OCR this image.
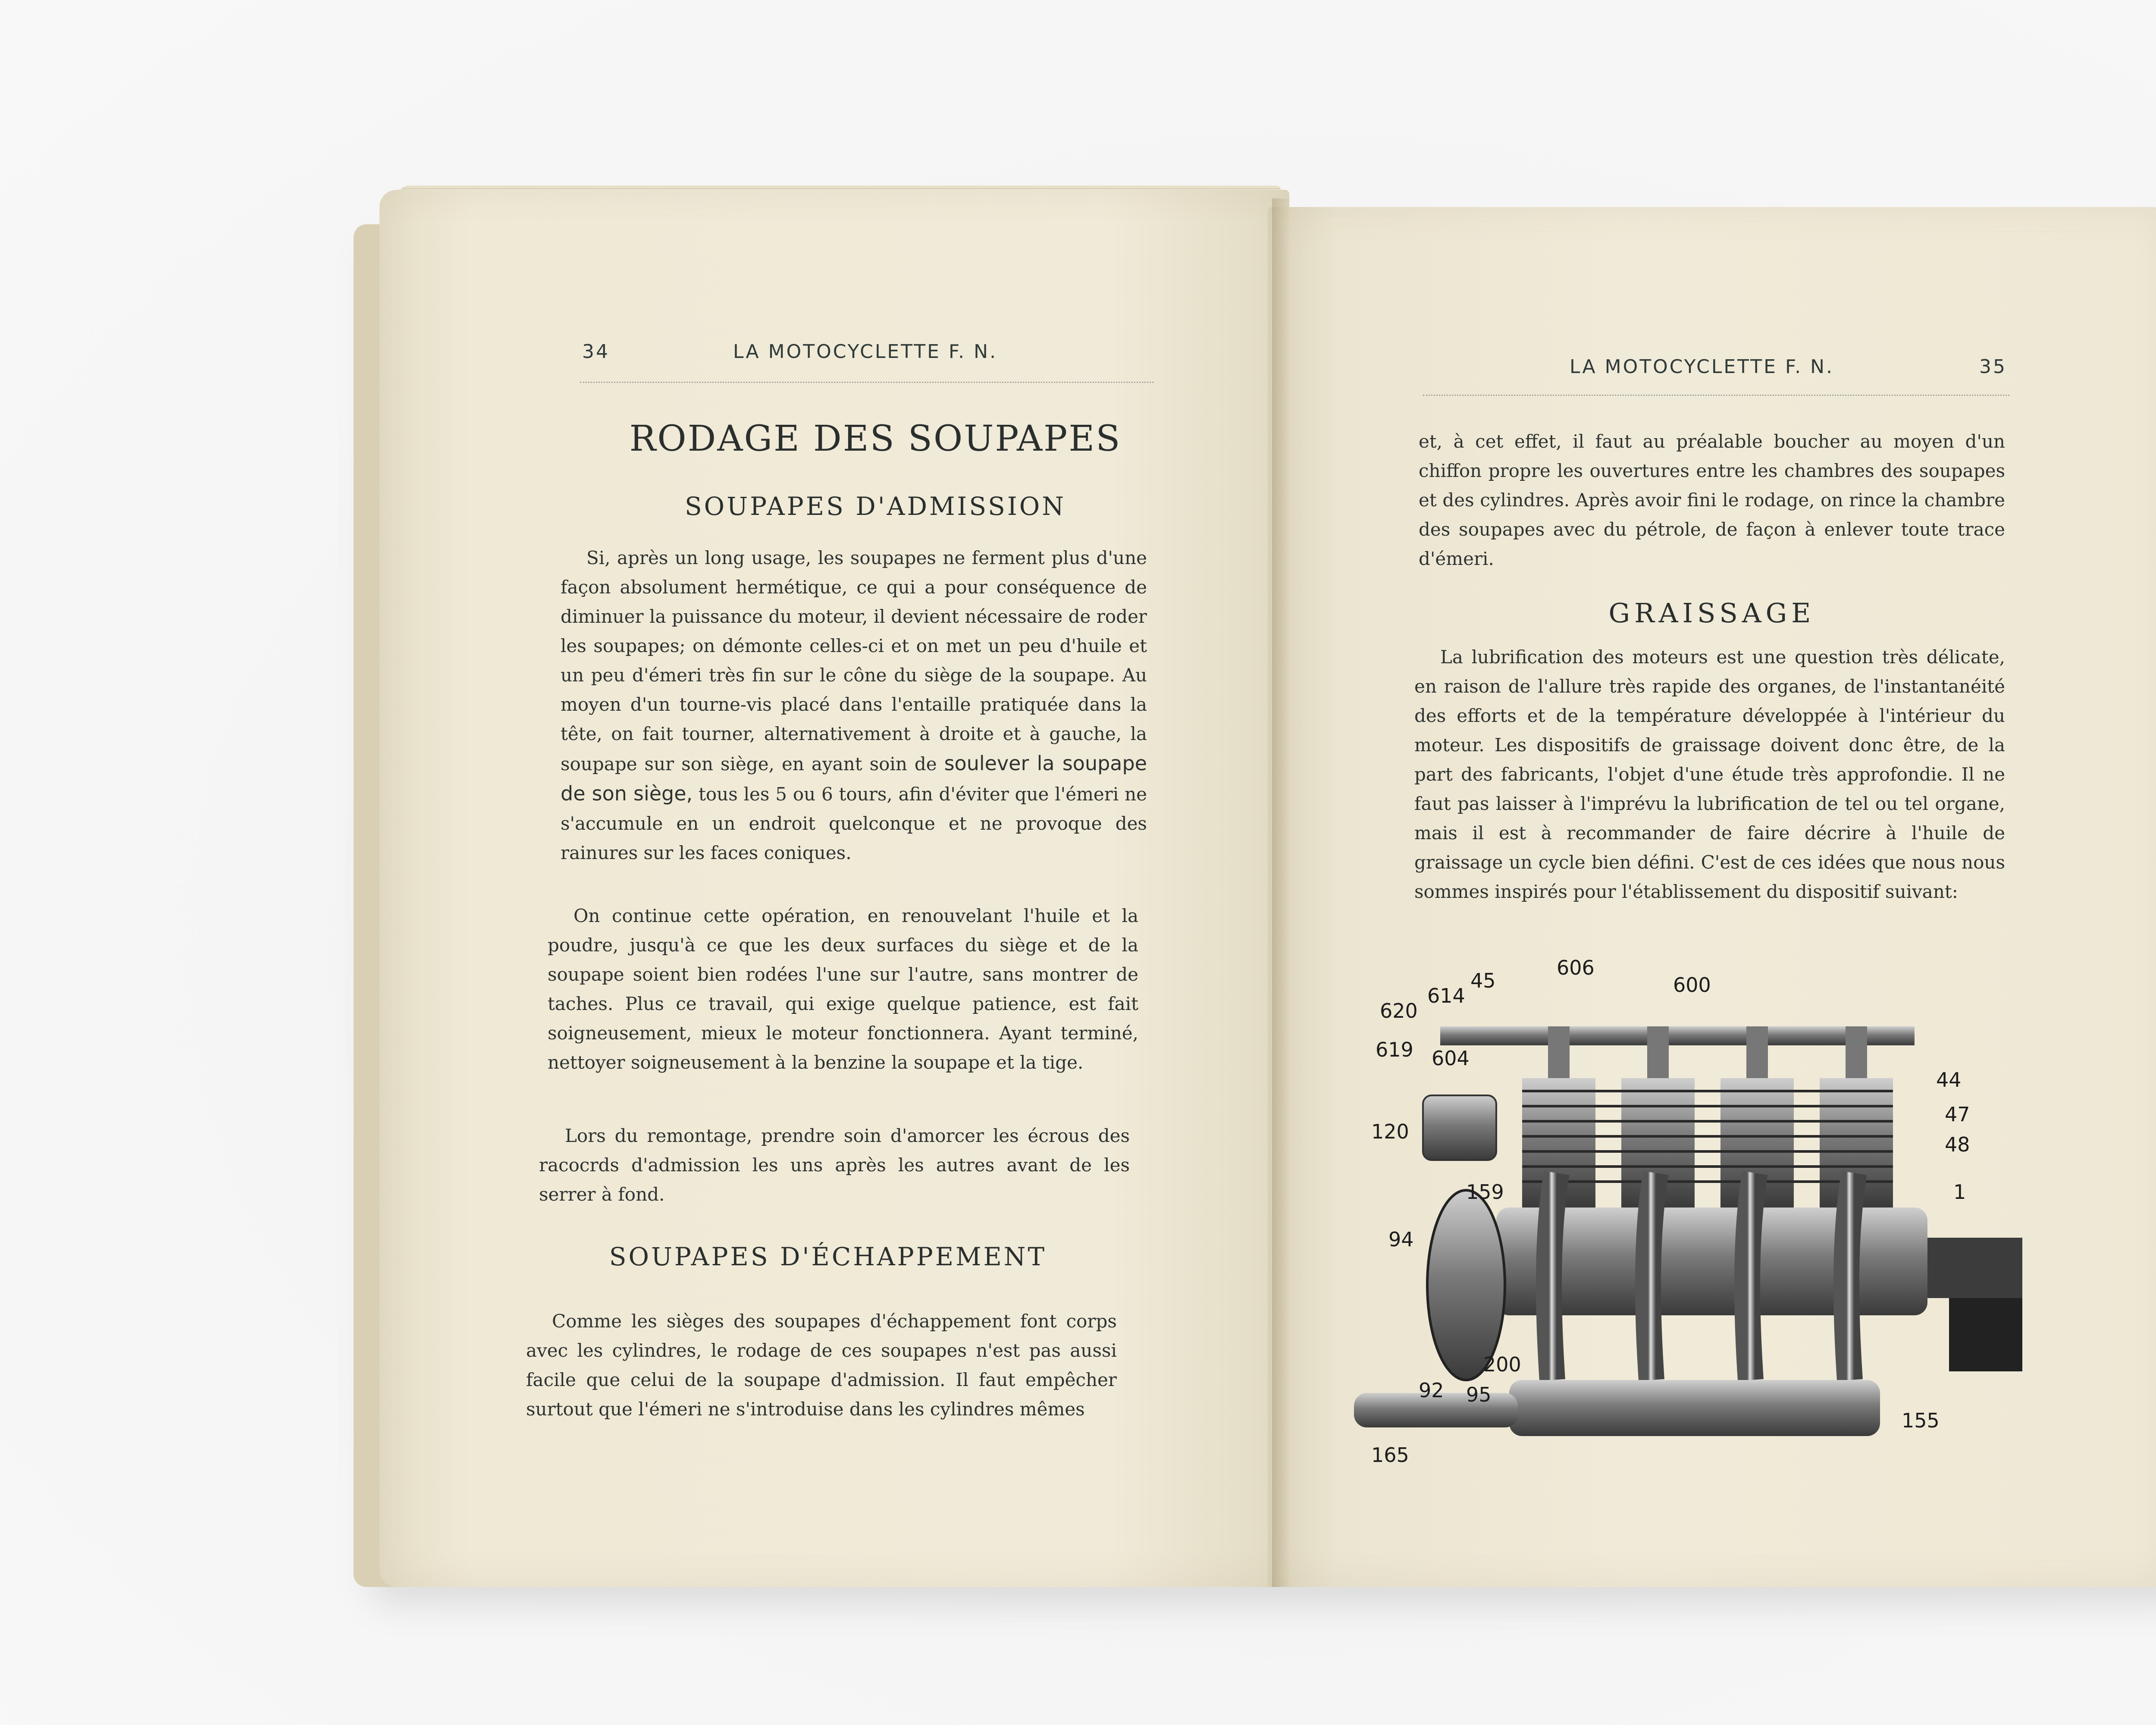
34	LA MOTOCYCLETTE F. N.
RODAGE DES SOUPAPES
SOUPAPES D'ADMISSION
Si, après un long usage, les soupapes ne ferment plus d'une façon absolument hermétique, ce qui a pour conséquence de diminuer la puissance du moteur, il devient nécessaire de roder les soupapes; on démonte celles-ci et on met un peu d'huile et un peu d'émeri très fin sur le cône du siège de la soupape. Au moyen d'un tourne-vis placé dans l'entaille pratiquée dans la tête, on fait tourner, alternativement à droite et à gauche, la soupape sur son siège, en ayant soin de soulever la soupape de son siège, tous les 5 ou 6 tours, afin d'éviter que l'émeri ne s'accumule en un endroit quelconque et ne provoque des rainures sur les faces coniques.
On continue cette opération, en renouvelant l'huile et la poudre, jusqu'à ce que les deux surfaces du siège et de la soupape soient bien rodées l'une sur l'autre, sans montrer de taches. Plus ce travail, qui exige quelque patience, est fait soigneusement, mieux le moteur fonctionnera. Ayant terminé, nettoyer soigneusement à la benzine la soupape et la tige.
Lors du remontage, prendre soin d'amorcer les écrous des racocrds d'admission les uns après les autres avant de les serrer à fond.
SOUPAPES D'ÉCHAPPEMENT
Comme les sièges des soupapes d'échappement font corps avec les cylindres, le rodage de ces soupapes n'est pas aussi facile que celui de la soupape d'admission. Il faut empêcher surtout que l'émeri ne s'introduise dans les cylindres mêmes
LA MOTOCYCLETTE F. N.	35
et, à cet effet, il faut au préalable boucher au moyen d'un chiffon propre les ouvertures entre les chambres des soupapes et des cylindres. Après avoir fini le rodage, on rince la chambre des soupapes avec du pétrole, de façon à enlever toute trace d'émeri.
GRAISSAGE
La lubrification des moteurs est une question très délicate, en raison de l'allure très rapide des organes, de l'instantanéité des efforts et de la température développée à l'intérieur du moteur. Les dispositifs de graissage doivent donc être, de la part des fabricants, l'objet d'une étude très approfondie. Il ne faut pas laisser à l'imprévu la lubrification de tel ou tel organe, mais il est à recommander de faire décrire à l'huile de graissage un cycle bien défini. C'est de ces idées que nous nous sommes inspirés pour l'établissement du dispositif suivant:
606
600
45
614
620
619 604
44
47
48
120
159	1
94
200
92 95
155
165
